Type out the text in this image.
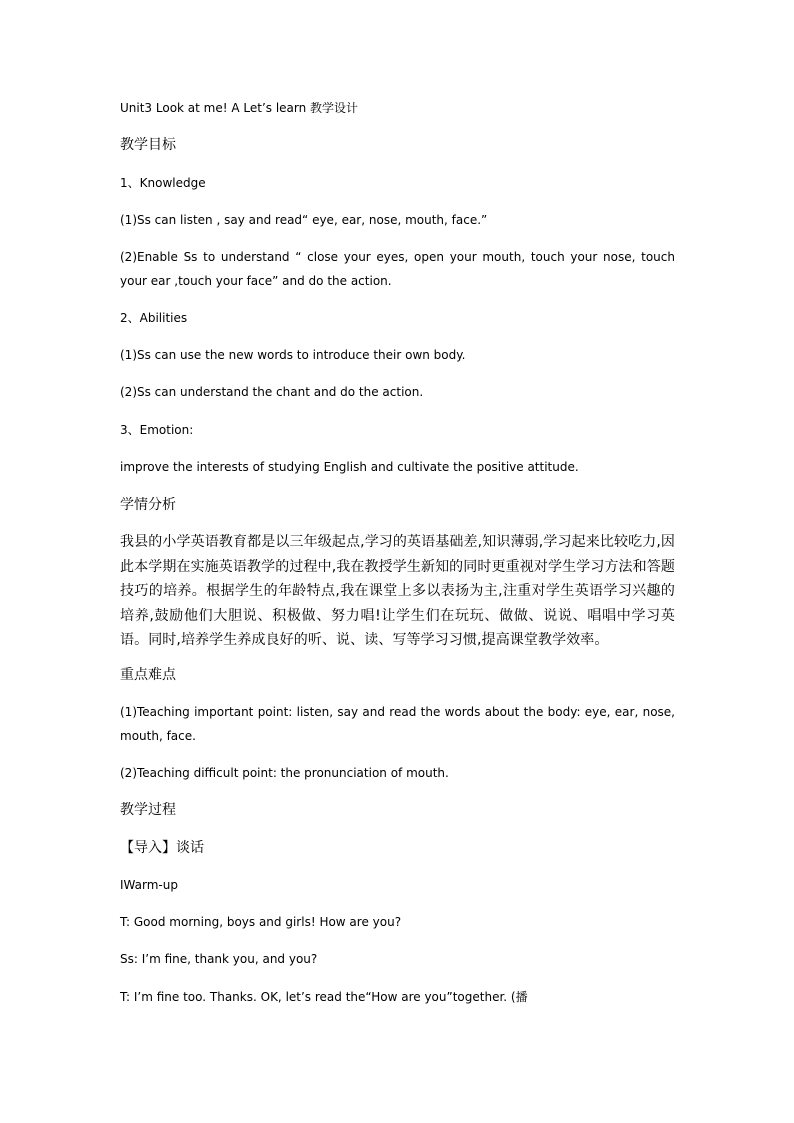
Unit3 Look at me! A Let’s learn 教学设计
教学目标
1、Knowledge
(1)Ss can listen , say and read“ eye, ear, nose, mouth, face.”
(2)Enable Ss to understand “ close your eyes, open your mouth, touch your nose, touch your ear ,touch your face” and do the action.
2、Abilities
(1)Ss can use the new words to introduce their own body.
(2)Ss can understand the chant and do the action.
3、Emotion:
improve the interests of studying English and cultivate the positive attitude.
学情分析
我县的小学英语教育都是以三年级起点,学习的英语基础差,知识薄弱,学习起来比较吃力,因此本学期在实施英语教学的过程中,我在教授学生新知的同时更重视对学生学习方法和答题技巧的培养。根据学生的年龄特点,我在课堂上多以表扬为主,注重对学生英语学习兴趣的培养,鼓励他们大胆说、积极做、努力唱!让学生们在玩玩、做做、说说、唱唱中学习英语。同时,培养学生养成良好的听、说、读、写等学习习惯,提高课堂教学效率。
重点难点
(1)Teaching important point: listen, say and read the words about the body: eye, ear, nose, mouth, face.
(2)Teaching difficult point: the pronunciation of mouth.
教学过程
【导入】谈话
ⅠWarm-up
T: Good morning, boys and girls! How are you?
Ss: I’m fine, thank you, and you?
T: I’m fine too. Thanks. OK, let’s read the“How are you”together. (播
